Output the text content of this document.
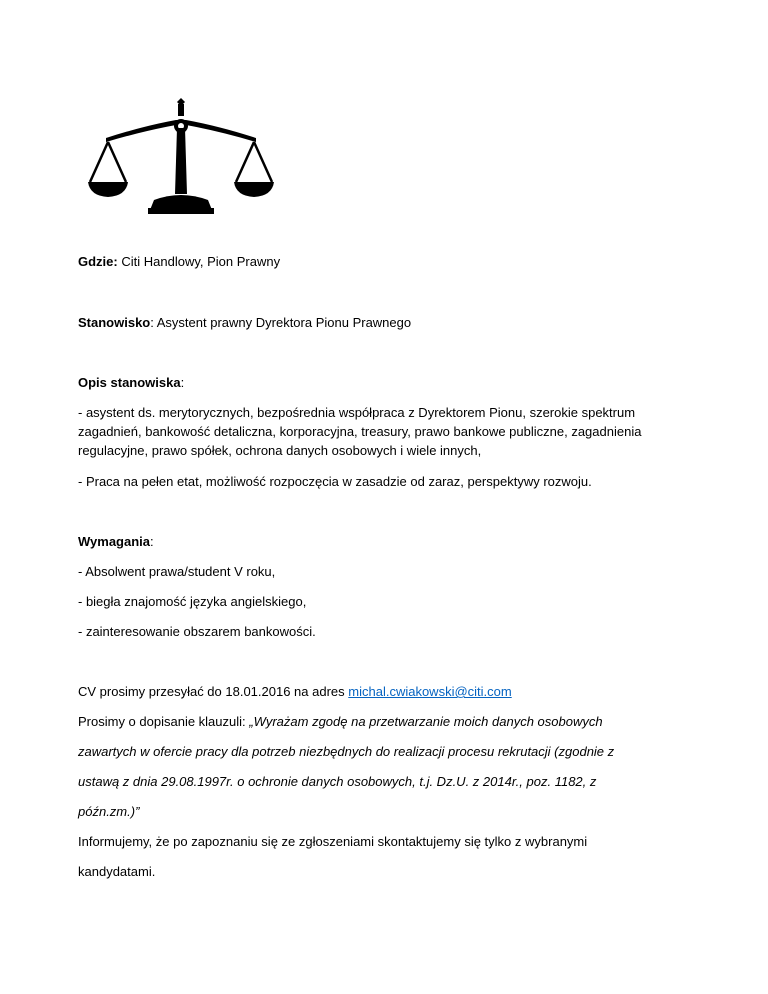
Gdzie: Citi Handlowy, Pion Prawny
Stanowisko: Asystent prawny Dyrektora Pionu Prawnego
Opis stanowiska:
- asystent ds. merytorycznych, bezpośrednia współpraca z Dyrektorem Pionu, szerokie spektrum
zagadnień, bankowość detaliczna, korporacyjna, treasury, prawo bankowe publiczne, zagadnienia
regulacyjne, prawo spółek, ochrona danych osobowych i wiele innych,
- Praca na pełen etat, możliwość rozpoczęcia w zasadzie od zaraz, perspektywy rozwoju.
Wymagania:
- Absolwent prawa/student V roku,
- biegła znajomość języka angielskiego,
- zainteresowanie obszarem bankowości.
CV prosimy przesyłać do 18.01.2016 na adres michal.cwiakowski@citi.com
Prosimy o dopisanie klauzuli: „Wyrażam zgodę na przetwarzanie moich danych osobowych
zawartych w ofercie pracy dla potrzeb niezbędnych do realizacji procesu rekrutacji (zgodnie z
ustawą z dnia 29.08.1997r. o ochronie danych osobowych, t.j. Dz.U. z 2014r., poz. 1182, z
późn.zm.)”
Informujemy, że po zapoznaniu się ze zgłoszeniami skontaktujemy się tylko z wybranymi
kandydatami.
